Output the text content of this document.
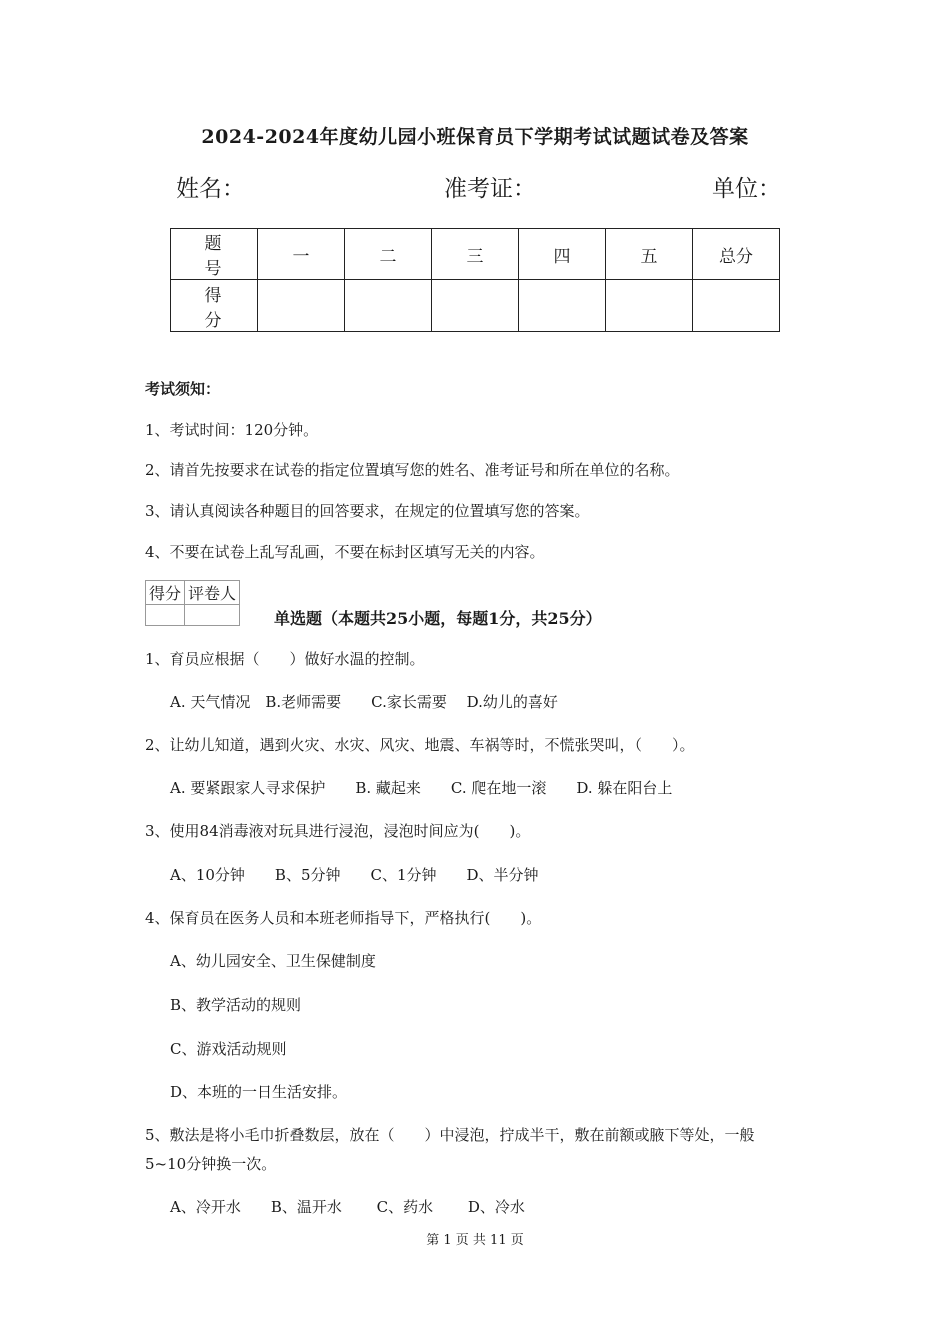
2024-2024年度幼儿园小班保育员下学期考试试题试卷及答案
姓名：	准考证：	单位：
题 号	一	二	三	四	五	总分
得 分						
考试须知：
1、考试时间：120分钟。
2、请首先按要求在试卷的指定位置填写您的姓名、准考证号和所在单位的名称。
3、请认真阅读各种题目的回答要求，在规定的位置填写您的答案。
4、不要在试卷上乱写乱画，不要在标封区填写无关的内容。
得分	评卷人

单选题（本题共25小题，每题1分，共25分）
1、育员应根据（　　）做好水温的控制。
A. 天气情况　B.老师需要　　C.家长需要　 D.幼儿的喜好
2、让幼儿知道，遇到火灾、水灾、风灾、地震、车祸等时，不慌张哭叫，（　　）。
A. 要紧跟家人寻求保护　　B. 藏起来　　C. 爬在地一滚　　D. 躲在阳台上
3、使用84消毒液对玩具进行浸泡，浸泡时间应为(　　)。
A、10分钟　　B、5分钟　　C、1分钟　　D、半分钟
4、保育员在医务人员和本班老师指导下，严格执行(　　)。
A、幼儿园安全、卫生保健制度
B、教学活动的规则
C、游戏活动规则
D、本班的一日生活安排。
5、敷法是将小毛巾折叠数层，放在（　　）中浸泡，拧成半干，敷在前额或腋下等处，一般
5~10分钟换一次。
A、冷开水　　B、温开水　　 C、药水　　 D、冷水
第 1 页 共 11 页
